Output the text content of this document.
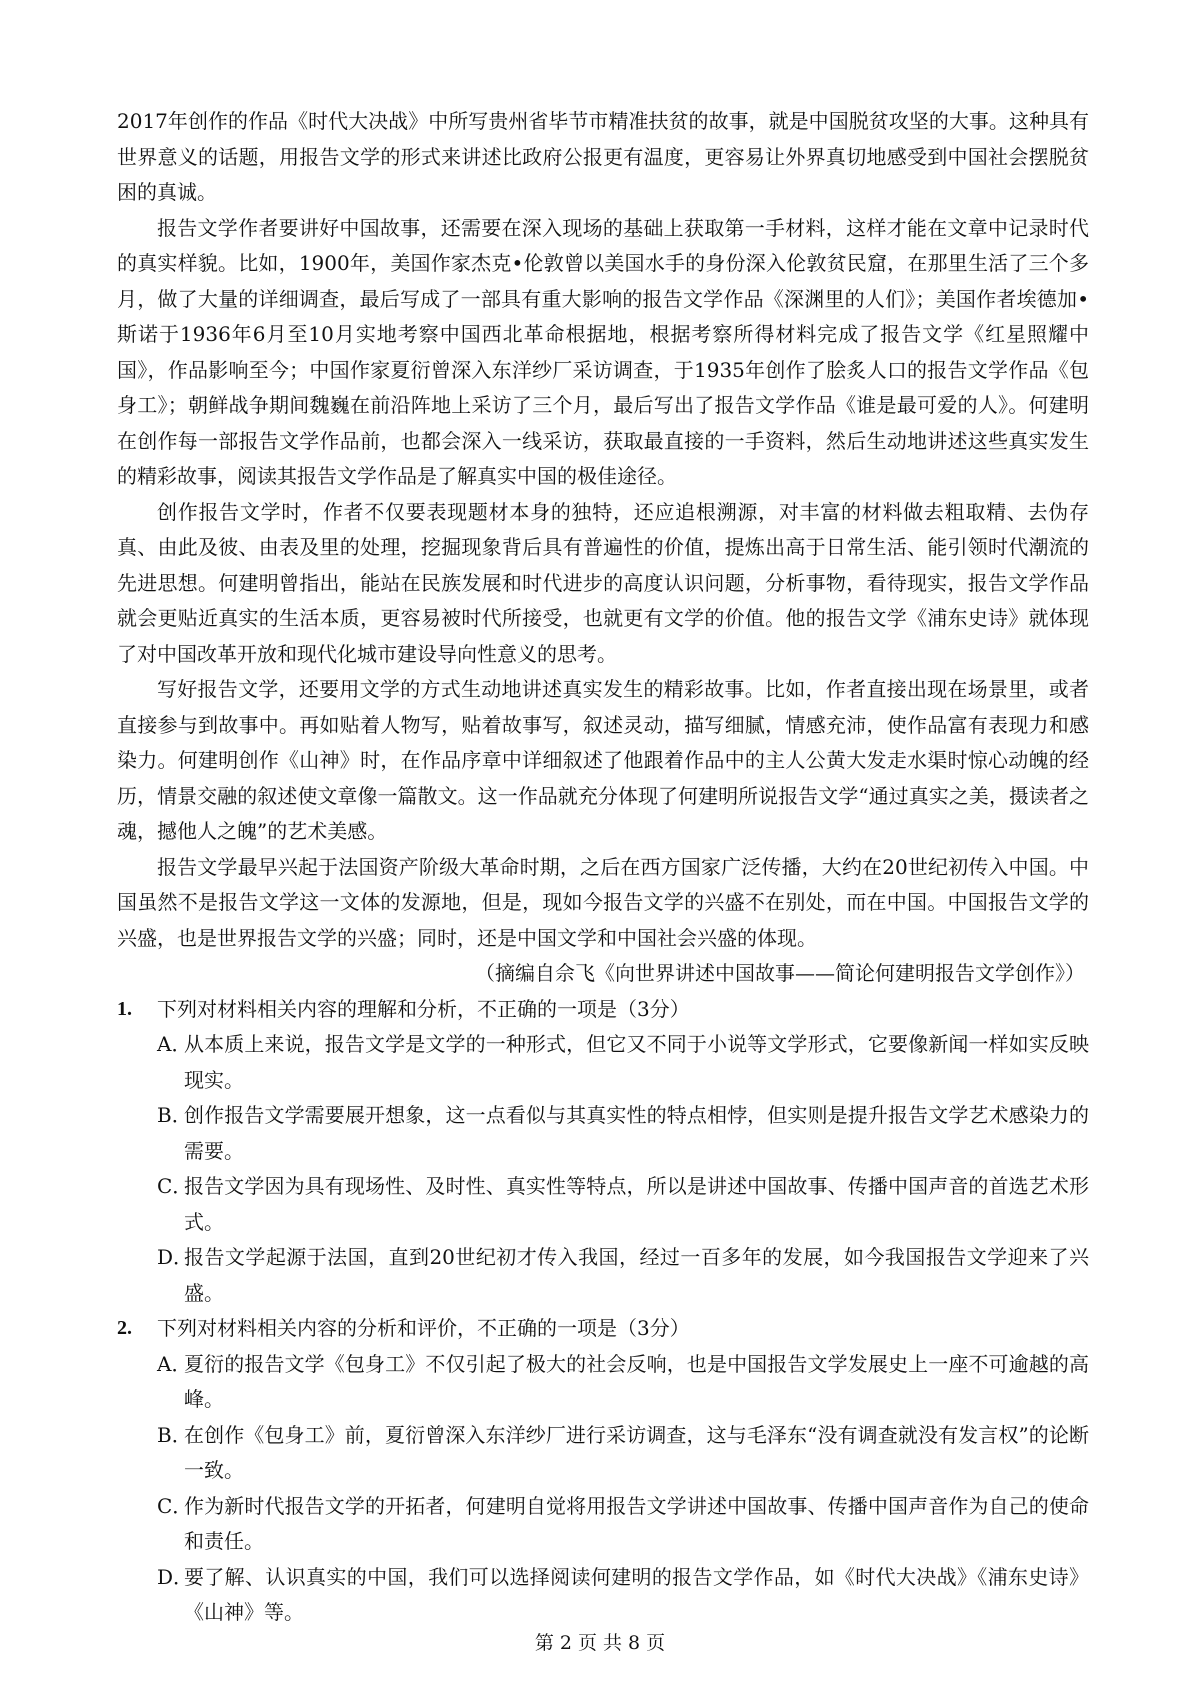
2017年创作的作品《时代大决战》中所写贵州省毕节市精准扶贫的故事，就是中国脱贫攻坚的大事。这种具有世界意义的话题，用报告文学的形式来讲述比政府公报更有温度，更容易让外界真切地感受到中国社会摆脱贫困的真诚。

报告文学作者要讲好中国故事，还需要在深入现场的基础上获取第一手材料，这样才能在文章中记录时代的真实样貌。比如，1900年，美国作家杰克•伦敦曾以美国水手的身份深入伦敦贫民窟，在那里生活了三个多月，做了大量的详细调查，最后写成了一部具有重大影响的报告文学作品《深渊里的人们》；美国作者埃德加•斯诺于1936年6月至10月实地考察中国西北革命根据地，根据考察所得材料完成了报告文学《红星照耀中国》，作品影响至今；中国作家夏衍曾深入东洋纱厂采访调查，于1935年创作了脍炙人口的报告文学作品《包身工》；朝鲜战争期间魏巍在前沿阵地上采访了三个月，最后写出了报告文学作品《谁是最可爱的人》。何建明在创作每一部报告文学作品前，也都会深入一线采访，获取最直接的一手资料，然后生动地讲述这些真实发生的精彩故事，阅读其报告文学作品是了解真实中国的极佳途径。

创作报告文学时，作者不仅要表现题材本身的独特，还应追根溯源，对丰富的材料做去粗取精、去伪存真、由此及彼、由表及里的处理，挖掘现象背后具有普遍性的价值，提炼出高于日常生活、能引领时代潮流的先进思想。何建明曾指出，能站在民族发展和时代进步的高度认识问题，分析事物，看待现实，报告文学作品就会更贴近真实的生活本质，更容易被时代所接受，也就更有文学的价值。他的报告文学《浦东史诗》就体现了对中国改革开放和现代化城市建设导向性意义的思考。

写好报告文学，还要用文学的方式生动地讲述真实发生的精彩故事。比如，作者直接出现在场景里，或者直接参与到故事中。再如贴着人物写，贴着故事写，叙述灵动，描写细腻，情感充沛，使作品富有表现力和感染力。何建明创作《山神》时，在作品序章中详细叙述了他跟着作品中的主人公黄大发走水渠时惊心动魄的经历，情景交融的叙述使文章像一篇散文。这一作品就充分体现了何建明所说报告文学“通过真实之美，摄读者之魂，撼他人之魄”的艺术美感。

报告文学最早兴起于法国资产阶级大革命时期，之后在西方国家广泛传播，大约在20世纪初传入中国。中国虽然不是报告文学这一文体的发源地，但是，现如今报告文学的兴盛不在别处，而在中国。中国报告文学的兴盛，也是世界报告文学的兴盛；同时，还是中国文学和中国社会兴盛的体现。

（摘编自佘飞《向世界讲述中国故事——简论何建明报告文学创作》）

1. 下列对材料相关内容的理解和分析，不正确的一项是（3分）

A．
从本质上来说，报告文学是文学的一种形式，但它又不同于小说等文学形式，它要像新闻一样如实反映现实。
B．
创作报告文学需要展开想象，这一点看似与其真实性的特点相悖，但实则是提升报告文学艺术感染力的需要。
C．
报告文学因为具有现场性、及时性、真实性等特点，所以是讲述中国故事、传播中国声音的首选艺术形式。
D．
报告文学起源于法国，直到20世纪初才传入我国，经过一百多年的发展，如今我国报告文学迎来了兴盛。
2. 下列对材料相关内容的分析和评价，不正确的一项是（3分）

A．
夏衍的报告文学《包身工》不仅引起了极大的社会反响，也是中国报告文学发展史上一座不可逾越的高峰。
B．
在创作《包身工》前，夏衍曾深入东洋纱厂进行采访调查，这与毛泽东“没有调查就没有发言权”的论断一致。
C．
作为新时代报告文学的开拓者，何建明自觉将用报告文学讲述中国故事、传播中国声音作为自己的使命和责任。
D．
要了解、认识真实的中国，我们可以选择阅读何建明的报告文学作品，如《时代大决战》《浦东史诗》《山神》等。
第 2 页 共 8 页
